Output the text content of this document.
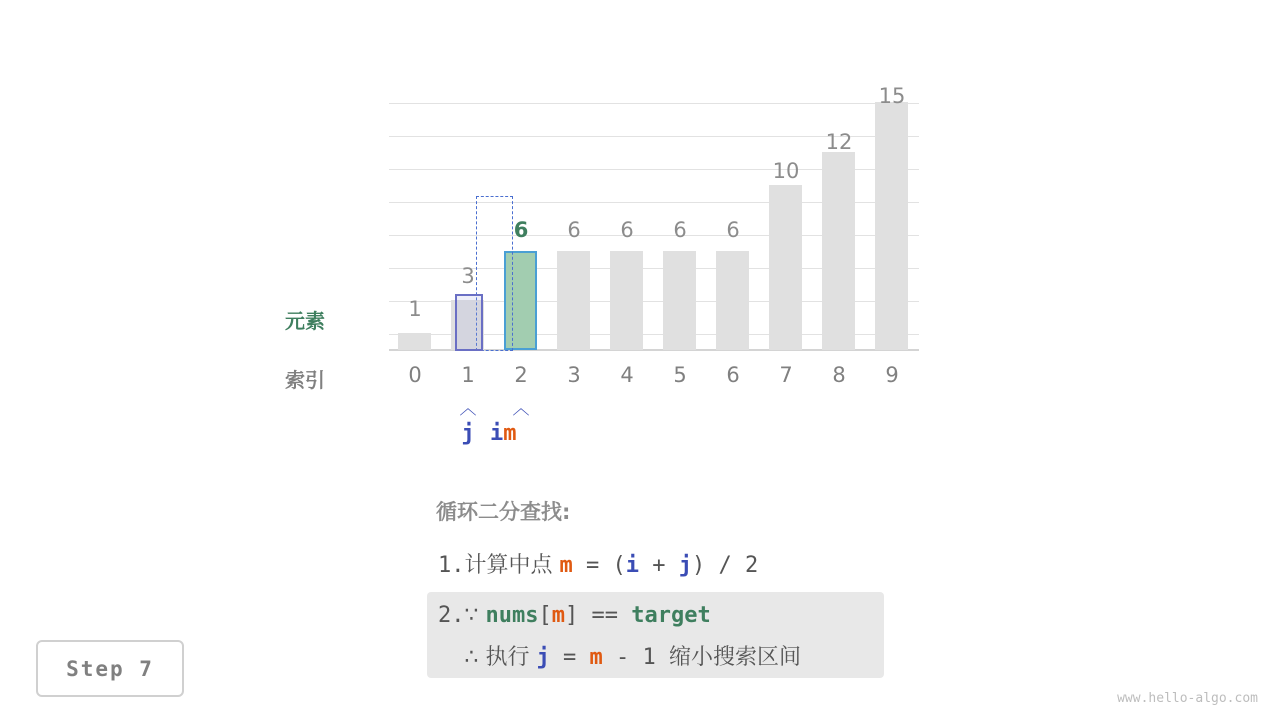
1
3
6	6	6	6	6
10
12
15
元素
索引	0	1	2	3	4	5	6	7	8	9
︿	︿
j im
循环二分查找:
1.计算中点 m = (i + j) / 2
2.∵ nums[m] == target
∴ 执行 j = m - 1 缩小搜索区间
Step 7
www.hello-algo.com
